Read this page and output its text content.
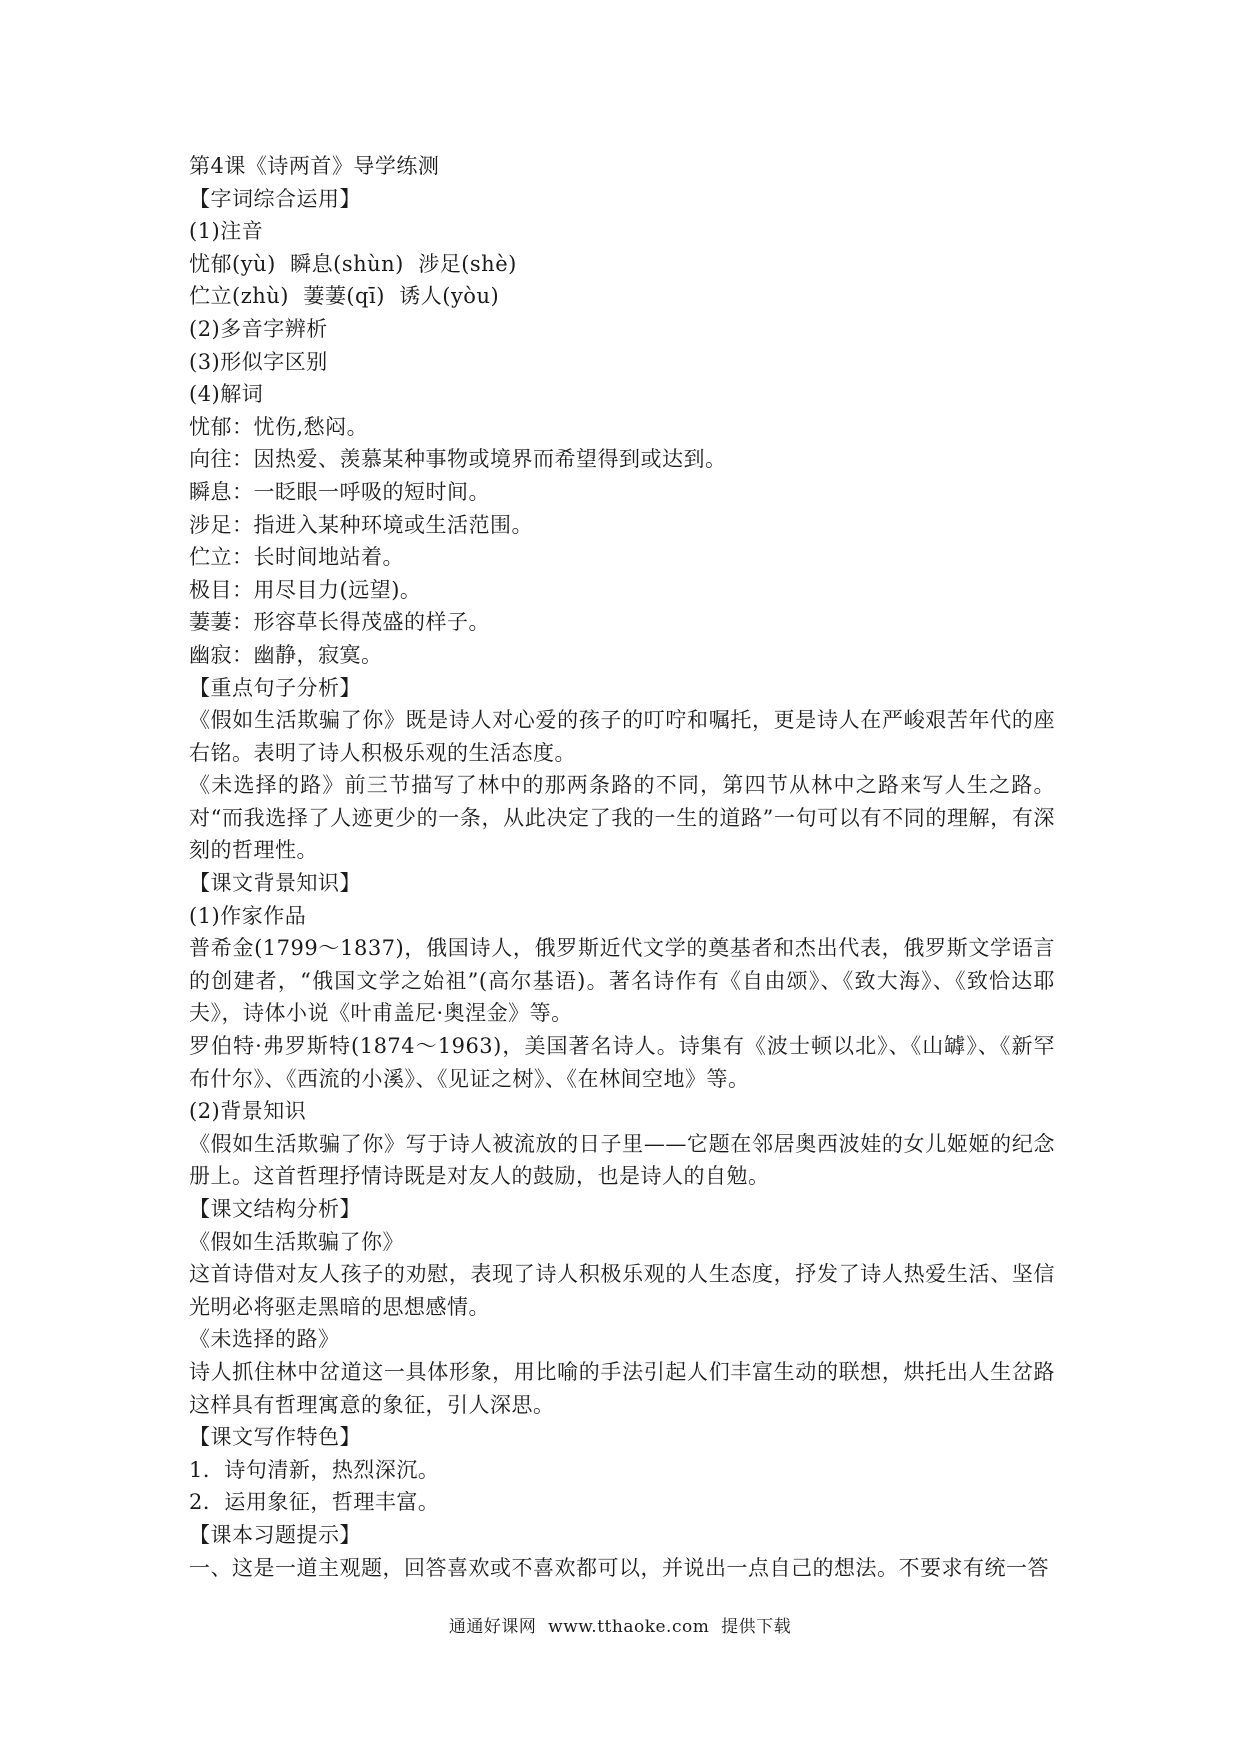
第4课《诗两首》导学练测
【字词综合运用】
(1)注音
忧郁(yù)  瞬息(shùn)  涉足(shè)
伫立(zhù)  萋萋(qī)  诱人(yòu)
(2)多音字辨析
(3)形似字区别
(4)解词
忧郁：忧伤,愁闷。
向往：因热爱、羡慕某种事物或境界而希望得到或达到。
瞬息：一眨眼一呼吸的短时间。
涉足：指进入某种环境或生活范围。
伫立：长时间地站着。
极目：用尽目力(远望)。
萋萋：形容草长得茂盛的样子。
幽寂：幽静，寂寞。
【重点句子分析】
《假如生活欺骗了你》既是诗人对心爱的孩子的叮咛和嘱托，更是诗人在严峻艰苦年代的座右铭。表明了诗人积极乐观的生活态度。
《未选择的路》前三节描写了林中的那两条路的不同，第四节从林中之路来写人生之路。对“而我选择了人迹更少的一条，从此决定了我的一生的道路”一句可以有不同的理解，有深刻的哲理性。
【课文背景知识】
(1)作家作品
普希金(1799～1837)，俄国诗人，俄罗斯近代文学的奠基者和杰出代表，俄罗斯文学语言的创建者，“俄国文学之始祖”(高尔基语)。著名诗作有《自由颂》、《致大海》、《致恰达耶夫》，诗体小说《叶甫盖尼·奥涅金》等。
罗伯特·弗罗斯特(1874～1963)，美国著名诗人。诗集有《波士顿以北》、《山罅》、《新罕布什尔》、《西流的小溪》、《见证之树》、《在林间空地》等。
(2)背景知识
《假如生活欺骗了你》写于诗人被流放的日子里——它题在邻居奥西波娃的女儿姬姬的纪念册上。这首哲理抒情诗既是对友人的鼓励，也是诗人的自勉。
【课文结构分析】
《假如生活欺骗了你》
这首诗借对友人孩子的劝慰，表现了诗人积极乐观的人生态度，抒发了诗人热爱生活、坚信光明必将驱走黑暗的思想感情。
《未选择的路》
诗人抓住林中岔道这一具体形象，用比喻的手法引起人们丰富生动的联想，烘托出人生岔路这样具有哲理寓意的象征，引人深思。
【课文写作特色】
1．诗句清新，热烈深沉。
2．运用象征，哲理丰富。
【课本习题提示】
一、这是一道主观题，回答喜欢或不喜欢都可以，并说出一点自己的想法。不要求有统一答
通通好课网  www.tthaoke.com  提供下载
